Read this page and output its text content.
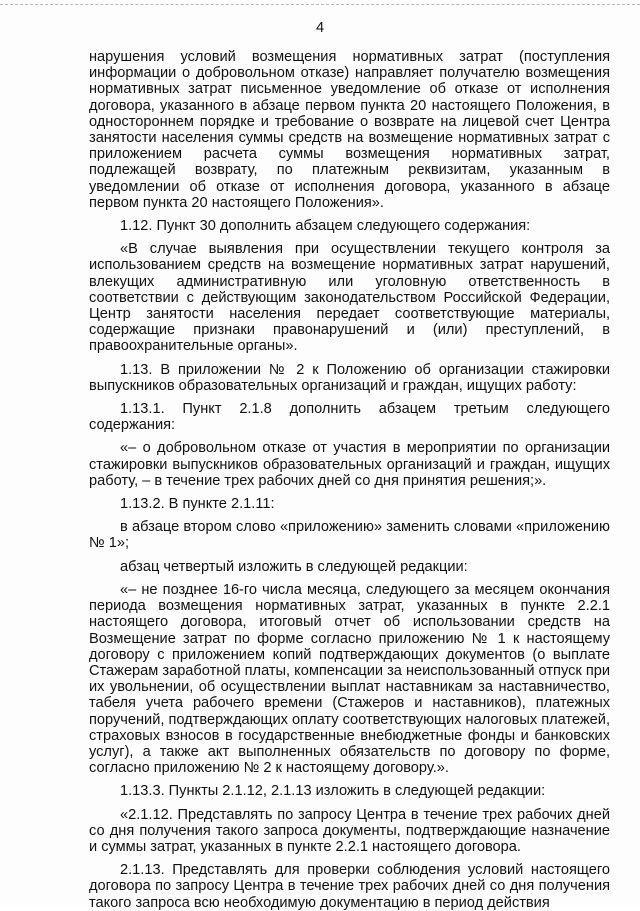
4

нарушения условий возмещения нормативных затрат (поступления информации о добровольном отказе) направляет получателю возмещения нормативных затрат письменное уведомление об отказе от исполнения договора, указанного в абзаце первом пункта 20 настоящего Положения, в одностороннем порядке и требование о возврате на лицевой счет Центра занятости населения суммы средств на возмещение нормативных затрат с приложением расчета суммы возмещения нормативных затрат, подлежащей возврату, по платежным реквизитам, указанным в уведомлении об отказе от исполнения договора, указанного в абзаце первом пункта 20 настоящего Положения».

1.12. Пункт 30 дополнить абзацем следующего содержания:

«В случае выявления при осуществлении текущего контроля за использованием средств на возмещение нормативных затрат нарушений, влекущих административную или уголовную ответственность в соответствии с действующим законодательством Российской Федерации, Центр занятости населения передает соответствующие материалы, содержащие признаки правонарушений и (или) преступлений, в правоохранительные органы».

1.13. В приложении № 2 к Положению об организации стажировки выпускников образовательных организаций и граждан, ищущих работу:

1.13.1. Пункт 2.1.8 дополнить абзацем третьим следующего содержания:

«– о добровольном отказе от участия в мероприятии по организации стажировки выпускников образовательных организаций и граждан, ищущих работу, – в течение трех рабочих дней со дня принятия решения;».

1.13.2. В пункте 2.1.11:

в абзаце втором слово «приложению» заменить словами «приложению № 1»;

абзац четвертый изложить в следующей редакции:

«– не позднее 16-го числа месяца, следующего за месяцем окончания периода возмещения нормативных затрат, указанных в пункте 2.2.1 настоящего договора, итоговый отчет об использовании средств на Возмещение затрат по форме согласно приложению № 1 к настоящему договору с приложением копий подтверждающих документов (о выплате Стажерам заработной платы, компенсации за неиспользованный отпуск при их увольнении, об осуществлении выплат наставникам за наставничество, табеля учета рабочего времени (Стажеров и наставников), платежных поручений, подтверждающих оплату соответствующих налоговых платежей, страховых взносов в государственные внебюджетные фонды и банковских услуг), а также акт выполненных обязательств по договору по форме, согласно приложению № 2 к настоящему договору.».

1.13.3. Пункты 2.1.12, 2.1.13 изложить в следующей редакции:

«2.1.12. Представлять по запросу Центра в течение трех рабочих дней со дня получения такого запроса документы, подтверждающие назначение и суммы затрат, указанных в пункте 2.2.1 настоящего договора.

2.1.13. Представлять для проверки соблюдения условий настоящего договора по запросу Центра в течение трех рабочих дней со дня получения такого запроса всю необходимую документацию в период действия
